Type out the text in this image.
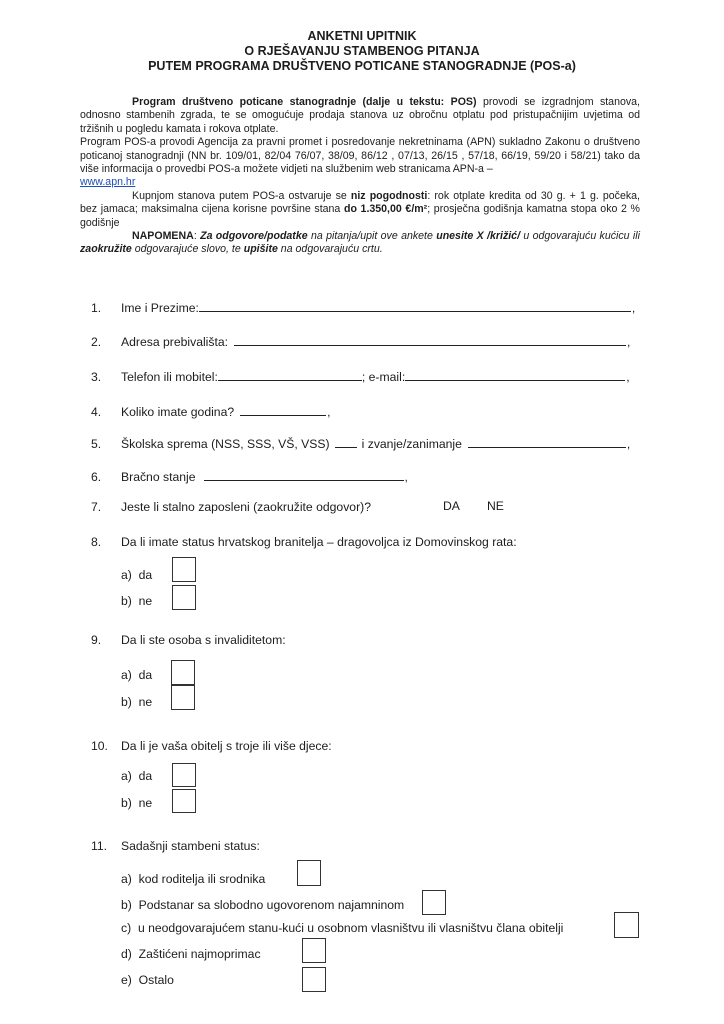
ANKETNI UPITNIK
O RJEŠAVANJU STAMBENOG PITANJA
PUTEM PROGRAMA DRUŠTVENO POTICANE STANOGRADNJE (POS-a)

Program društveno poticane stanogradnje (dalje u tekstu: POS) provodi se izgradnjom stanova, odnosno stambenih zgrada, te se omogućuje prodaja stanova uz obročnu otplatu pod pristupačnijim uvjetima od tržišnih u pogledu kamata i rokova otplate.

Program POS-a provodi Agencija za pravni promet i posredovanje nekretninama (APN) sukladno Zakonu o društveno poticanoj stanogradnji (NN br. 109/01, 82/04 76/07, 38/09, 86/12 , 07/13, 26/15 , 57/18, 66/19, 59/20 i 58/21) tako da više informacija o provedbi POS-a možete vidjeti na službenim web stranicama APN-a –
www.apn.hr

Kupnjom stanova putem POS-a ostvaruje se niz pogodnosti: rok otplate kredita od 30 g. + 1 g. počeka, bez jamaca; maksimalna cijena korisne površine stana do 1.350,00 €/m²; prosječna godišnja kamatna stopa oko 2 % godišnje

NAPOMENA: Za odgovore/podatke na pitanja/upit ove ankete unesite X /križić/ u odgovarajuću kućicu ili zaokružite odgovarajuće slovo, te upišite na odgovarajuću crtu.

1. Ime i Prezime:	,
2. Adresa prebivališta:	,
3. Telefon ili mobitel:	; e-mail:	,
4. Koliko imate godina?	,
5. Školska sprema (NSS, SSS, VŠ, VSS)	i zvanje/zanimanje	,
6. Bračno stanje	,
7. Jeste li stalno zaposleni (zaokružite odgovor)?	DA NE
8. Da li imate status hrvatskog branitelja – dragovoljca iz Domovinskog rata:
a) da
b) ne
9. Da li ste osoba s invaliditetom:
a) da
b) ne
10. Da li je vaša obitelj s troje ili više djece:
a) da
b) ne
11. Sadašnji stambeni status:
a) kod roditelja ili srodnika
b) Podstanar sa slobodno ugovorenom najamninom
c) u neodgovarajućem stanu-kući u osobnom vlasništvu ili vlasništvu člana obitelji
d) Zaštićeni najmoprimac
e) Ostalo
